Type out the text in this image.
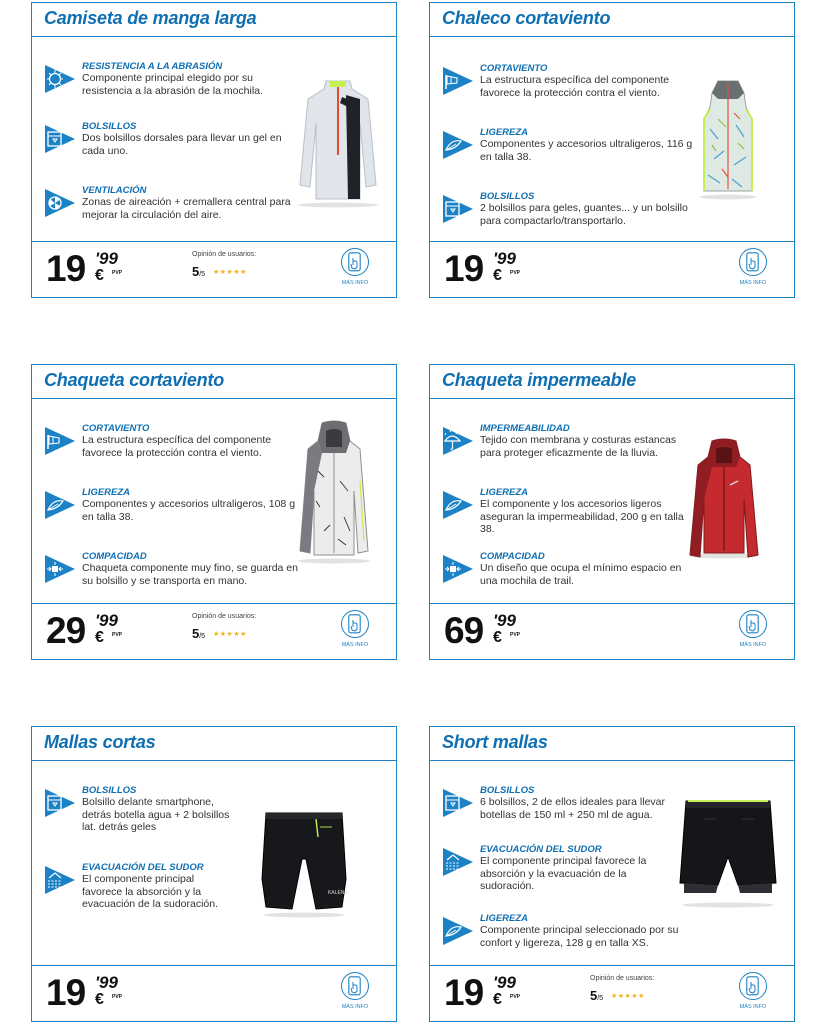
Camiseta de manga larga
RESISTENCIA A LA ABRASIÓN
Componente principal elegido por su resistencia a la abrasión de la mochila.
BOLSILLOS
Dos bolsillos dorsales para llevar un gel en cada uno.
VENTILACIÓN
Zonas de aireación + cremallera central para mejorar la circulación del aire.
19 '99
€ PVP
Opinión de usuarios:
5/5 ★★★★★
MÁS INFO
Chaleco cortaviento
CORTAVIENTO
La estructura específica del componente favorece la protección contra el viento.
LIGEREZA
Componentes y accesorios ultraligeros, 116 g en talla 38.
BOLSILLOS
2 bolsillos para geles, guantes... y un bolsillo para compactarlo/transportarlo.
19 '99
€ PVP
MÁS INFO
Chaqueta cortaviento
CORTAVIENTO
La estructura específica del componente favorece la protección contra el viento.
LIGEREZA
Componentes y accesorios ultraligeros, 108 g en talla 38.
COMPACIDAD
Chaqueta componente muy fino, se guarda en su bolsillo y se transporta en mano.
29 '99
€ PVP
Opinión de usuarios:
5/5 ★★★★★
MÁS INFO
Chaqueta impermeable
IMPERMEABILIDAD
Tejido con membrana y costuras estancas para proteger eficazmente de la lluvia.
LIGEREZA
El componente y los accesorios ligeros aseguran la impermeabilidad, 200 g en talla 38.
COMPACIDAD
Un diseño que ocupa el mínimo espacio en una mochila de trail.
69 '99
€ PVP
MÁS INFO
Mallas cortas
BOLSILLOS
Bolsillo delante smartphone, detrás botella agua + 2 bolsillos lat. detrás geles
EVACUACIÓN DEL SUDOR
El componente principal favorece la absorción y la evacuación de la sudoración.
KALENJI
19 '99
€ PVP
MÁS INFO
Short mallas
BOLSILLOS
6 bolsillos, 2 de ellos ideales para llevar botellas de 150 ml + 250 ml de agua.
EVACUACIÓN DEL SUDOR
El componente principal favorece la absorción y la evacuación de la sudoración.
LIGEREZA
Componente principal seleccionado por su confort y ligereza, 128 g en talla XS.
19 '99
€ PVP
Opinión de usuarios:
5/5 ★★★★★
MÁS INFO
